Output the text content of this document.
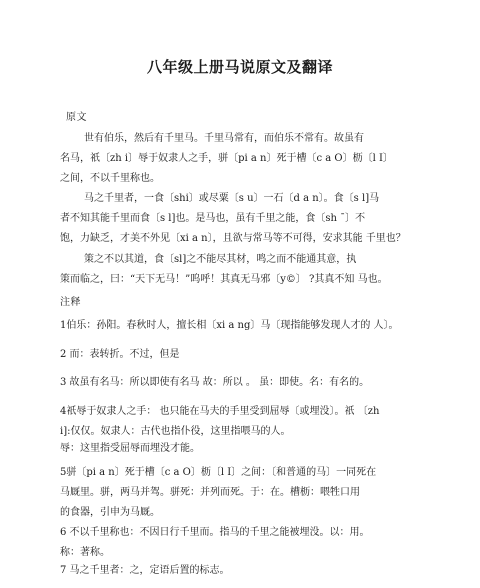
八年级上册马说原文及翻译
原文

世有伯乐，然后有千里马。千里马常有，而伯乐不常有。故虽有
名马，祇〔zh i〕辱于奴隶人之手，骈〔pi a n〕死于槽〔c a O〕枥〔l I〕
之间，不以千里称也。

马之千里者，一食〔shi〕或尽粟〔s u〕一石〔d a n〕。食〔s l]马
者不知其能千里而食〔s l]也。是马也，虽有千里之能，食〔sh ˉ〕不
饱，力缺乏，才美不外见〔xi a n〕，且欲与常马等不可得，安求其能 千里也？

策之不以其道，食〔sl]之不能尽其材，鸣之而不能通其意，执
策而临之，曰：“天下无马！”呜呼！其真无马邪〔y©〕 ?其真不知 马也。

注释

1伯乐：孙阳。春秋时人，擅长相〔xi a ng〕马〔现指能够发现人才的 人〕。

2 而：表转折。不过，但是

3 故虽有名马：所以即使有名马 故：所以 。 虽：即使。名：有名的。

4祇辱于奴隶人之手： 也只能在马夫的手里受到屈辱〔或埋没〕。祇 〔zh
i]:仅仅。奴隶人：古代也指仆役，这里指喂马的人。

辱：这里指受屈辱而埋没才能。

5骈〔pi a n〕死于槽〔c a O〕枥〔l I〕之间：〔和普通的马〕一同死在
马厩里。骈，两马并驾。骈死：并列而死。于：在。槽枥：喂牲口用
的食器，引申为马厩。

6 不以千里称也：不因日行千里而。指马的千里之能被埋没。以：用。
称：著称。

7 马之千里者：之，定语后置的标志。
